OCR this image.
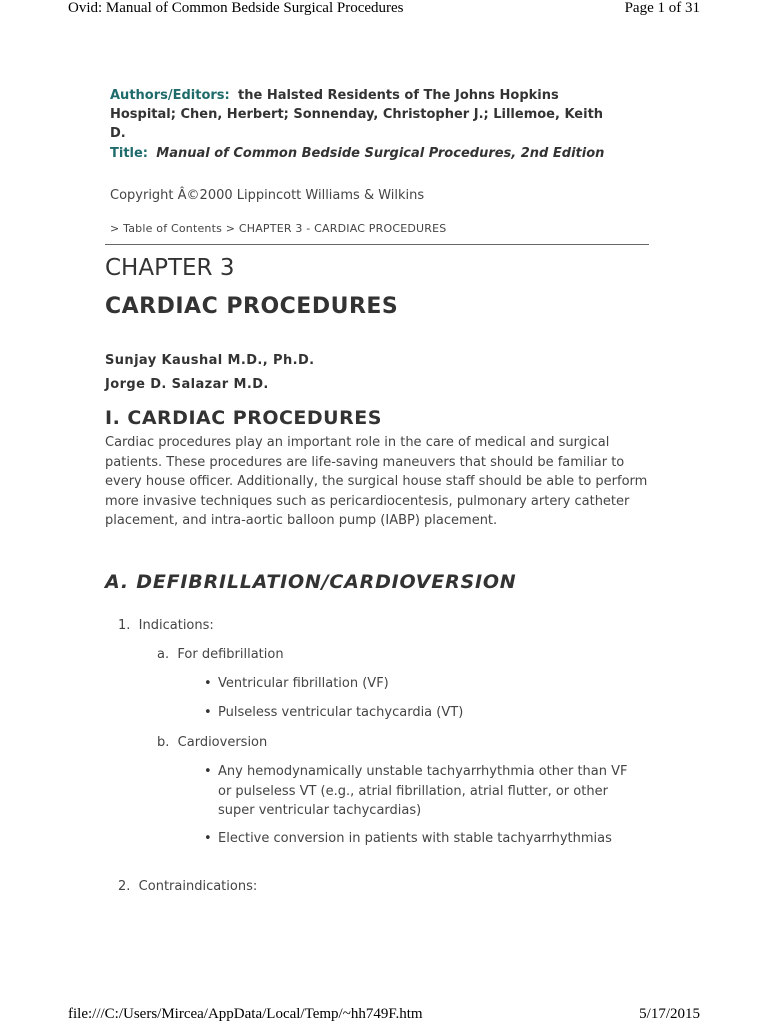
Ovid: Manual of Common Bedside Surgical Procedures	Page 1 of 31
Authors/Editors: the Halsted Residents of The Johns Hopkins Hospital; Chen, Herbert; Sonnenday, Christopher J.; Lillemoe, Keith D.
Title: Manual of Common Bedside Surgical Procedures, 2nd Edition
Copyright Â©2000 Lippincott Williams & Wilkins
> Table of Contents > CHAPTER 3 - CARDIAC PROCEDURES
CHAPTER 3
CARDIAC PROCEDURES
Sunjay Kaushal M.D., Ph.D.
Jorge D. Salazar M.D.
I. CARDIAC PROCEDURES
Cardiac procedures play an important role in the care of medical and surgical patients. These procedures are life-saving maneuvers that should be familiar to every house officer. Additionally, the surgical house staff should be able to perform more invasive techniques such as pericardiocentesis, pulmonary artery catheter placement, and intra-aortic balloon pump (IABP) placement.
A. DEFIBRILLATION/CARDIOVERSION
1. Indications:
a. For defibrillation
• Ventricular fibrillation (VF)
• Pulseless ventricular tachycardia (VT)
b. Cardioversion
• Any hemodynamically unstable tachyarrhythmia other than VF or pulseless VT (e.g., atrial fibrillation, atrial flutter, or other super ventricular tachycardias)
• Elective conversion in patients with stable tachyarrhythmias
2. Contraindications:
file:///C:/Users/Mircea/AppData/Local/Temp/~hh749F.htm	5/17/2015
